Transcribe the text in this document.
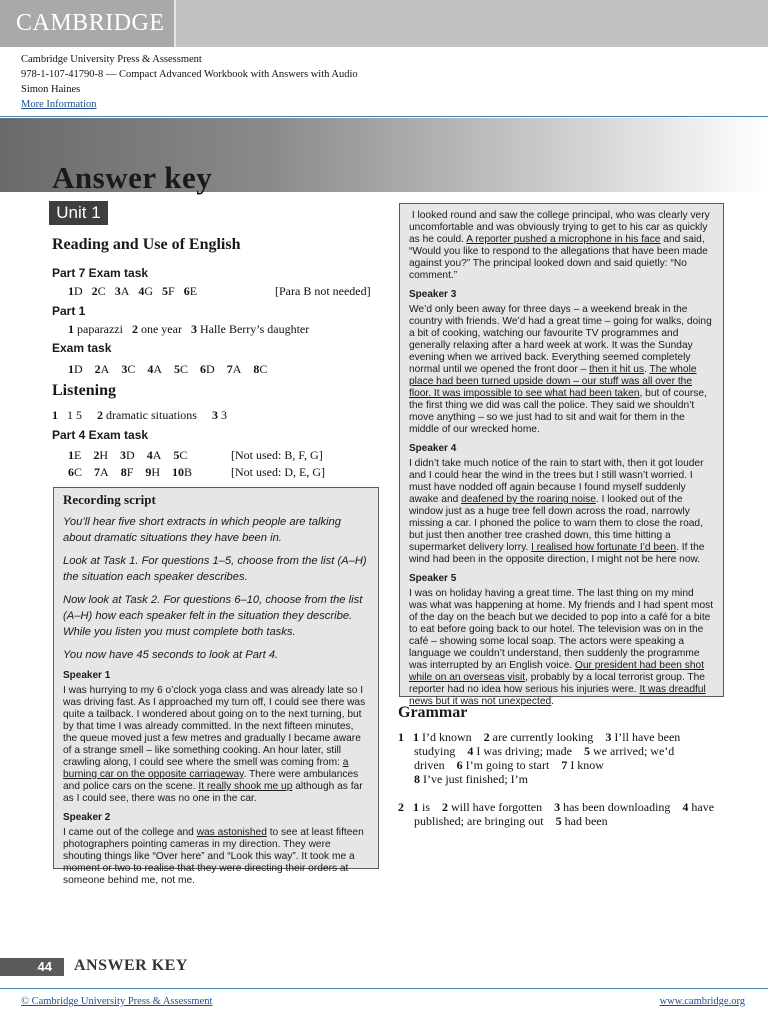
CAMBRIDGE
Cambridge University Press & Assessment
978-1-107-41790-8 — Compact Advanced Workbook with Answers with Audio
Simon Haines
More Information
Answer key
Unit 1
Reading and Use of English
Part 7 Exam task
1D 2C 3A 4G 5F 6E	[Para B not needed]
Part 1
1 paparazzi 2 one year 3 Halle Berry’s daughter
Exam task
1D 2A 3C 4A 5C 6D 7A 8C
Listening
1 1 5 2 dramatic situations 3 3
Part 4 Exam task
1E 2H 3D 4A 5C	[Not used: B, F, G]
6C 7A 8F 9H 10B	[Not used: D, E, G]
Recording script

You’ll hear five short extracts in which people are talking about dramatic situations they have been in.

Look at Task 1. For questions 1–5, choose from the list (A–H) the situation each speaker describes.

Now look at Task 2. For questions 6–10, choose from the list (A–H) how each speaker felt in the situation they describe. While you listen you must complete both tasks.

You now have 45 seconds to look at Part 4.

Speaker 1

I was hurrying to my 6 o’clock yoga class and was already late so I was driving fast. As I approached my turn off, I could see there was quite a tailback. I wondered about going on to the next turning, but by that time I was already committed. In the next fifteen minutes, the queue moved just a few metres and gradually I became aware of a strange smell – like something cooking. An hour later, still crawling along, I could see where the smell was coming from: a burning car on the opposite carriageway. There were ambulances and police cars on the scene. It really shook me up although as far as I could see, there was no one in the car.

Speaker 2

I came out of the college and was astonished to see at least fifteen photographers pointing cameras in my direction. They were shouting things like “Over here” and “Look this way”. It took me a moment or two to realise that they were directing their orders at someone behind me, not me.

I looked round and saw the college principal, who was clearly very uncomfortable and was obviously trying to get to his car as quickly as he could. A reporter pushed a microphone in his face and said, “Would you like to respond to the allegations that have been made against you?” The principal looked down and said quietly: “No comment.”

Speaker 3

We’d only been away for three days – a weekend break in the country with friends. We’d had a great time – going for walks, doing a bit of cooking, watching our favourite TV programmes and generally relaxing after a hard week at work. It was the Sunday evening when we arrived back. Everything seemed completely normal until we opened the front door – then it hit us. The whole place had been turned upside down – our stuff was all over the floor. It was impossible to see what had been taken, but of course, the first thing we did was call the police. They said we shouldn’t move anything – so we just had to sit and wait for them in the middle of our wrecked home.

Speaker 4

I didn’t take much notice of the rain to start with, then it got louder and I could hear the wind in the trees but I still wasn’t worried. I must have nodded off again because I found myself suddenly awake and deafened by the roaring noise. I looked out of the window just as a huge tree fell down across the road, narrowly missing a car. I phoned the police to warn them to close the road, but just then another tree crashed down, this time hitting a supermarket delivery lorry. I realised how fortunate I’d been. If the wind had been in the opposite direction, I might not be here now.

Speaker 5

I was on holiday having a great time. The last thing on my mind was what was happening at home. My friends and I had spent most of the day on the beach but we decided to pop into a café for a bite to eat before going back to our hotel. The television was on in the café – showing some local soap. The actors were speaking a language we couldn’t understand, then suddenly the programme was interrupted by an English voice. Our president had been shot while on an overseas visit, probably by a local terrorist group. The reporter had no idea how serious his injuries were. It was dreadful news but it was not unexpected.

Grammar
1 1 I’d known 2 are currently looking 3 I’ll have been
studying 4 I was driving; made 5 we arrived; we’d
driven 6 I’m going to start 7 I know
8 I’ve just finished; I’m
2 1 is 2 will have forgotten 3 has been downloading 4 have
published; are bringing out 5 had been
44	ANSWER KEY
© Cambridge University Press & Assessment	www.cambridge.org
